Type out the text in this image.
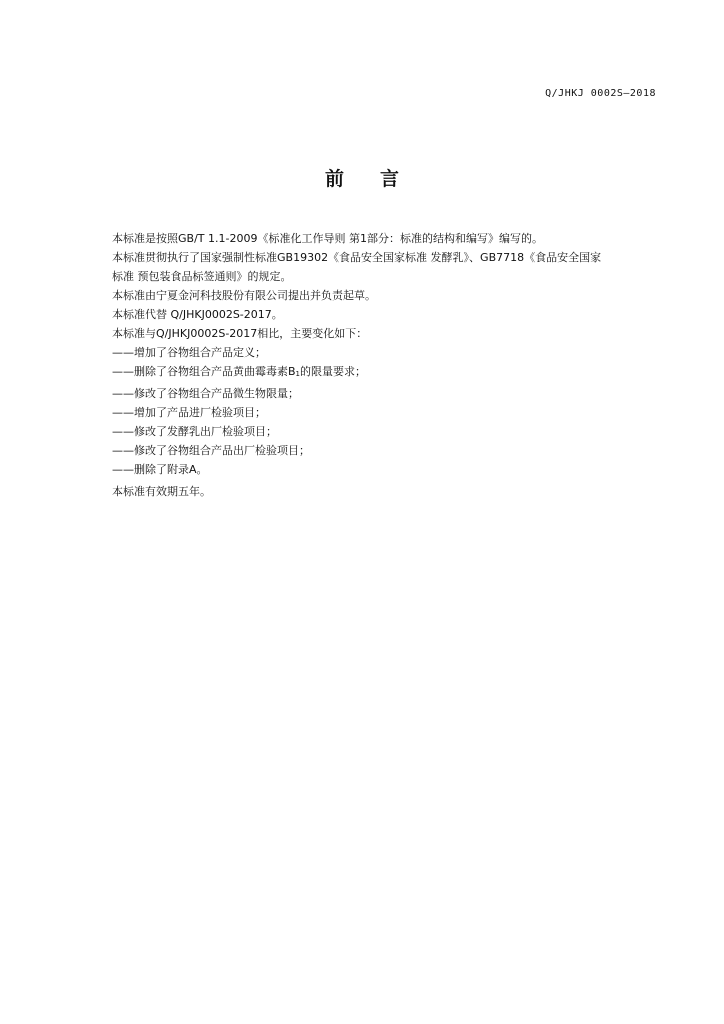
Q/JHKJ 0002S—2018
前言

本标准是按照GB/T 1.1-2009《标准化工作导则 第1部分：标准的结构和编写》编写的。

本标准贯彻执行了国家强制性标准GB19302《食品安全国家标准 发酵乳》、GB7718《食品安全国家

标准 预包装食品标签通则》的规定。

本标准由宁夏金河科技股份有限公司提出并负责起草。

本标准代替 Q/JHKJ0002S-2017。

本标准与Q/JHKJ0002S-2017相比，主要变化如下：

——增加了谷物组合产品定义；
——删除了谷物组合产品黄曲霉毒素$B_1$的限量要求；
——修改了谷物组合产品微生物限量；
——增加了产品进厂检验项目；
——修改了发酵乳出厂检验项目；
——修改了谷物组合产品出厂检验项目；
——删除了附录A。

本标准有效期五年。
